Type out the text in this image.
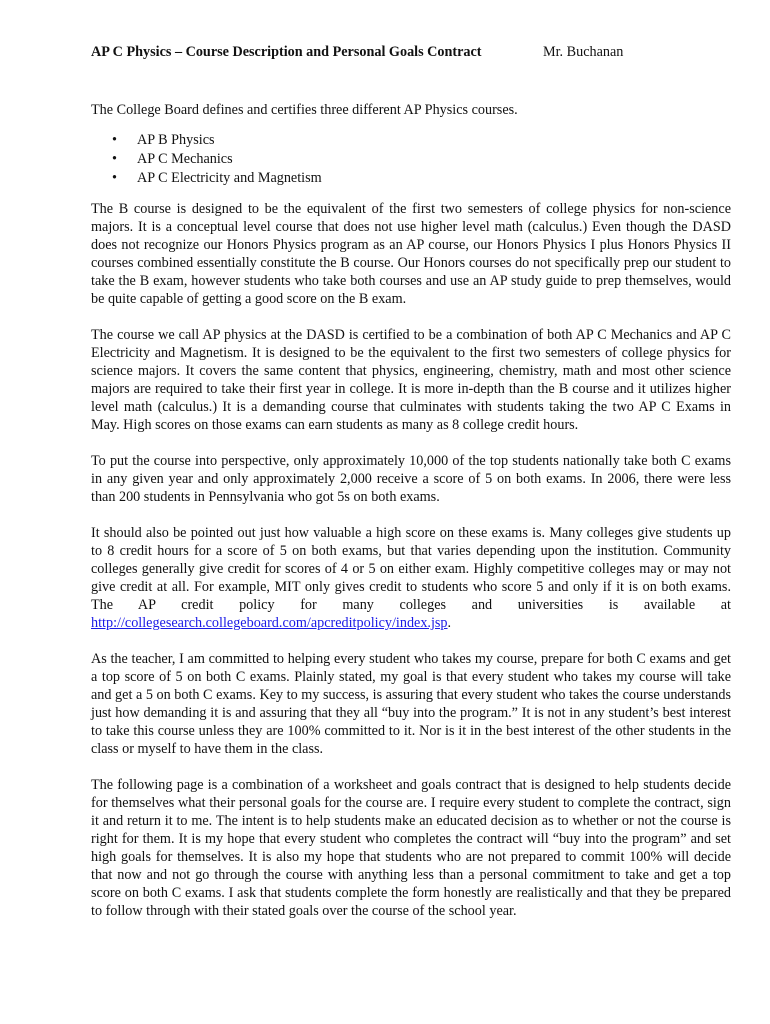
AP C Physics – Course Description and Personal Goals Contract	Mr. Buchanan
The College Board defines and certifies three different AP Physics courses.
• AP B Physics
• AP C Mechanics
• AP C Electricity and Magnetism

The B course is designed to be the equivalent of the first two semesters of college physics for non-science majors. It is a conceptual level course that does not use higher level math (calculus.) Even though the DASD does not recognize our Honors Physics program as an AP course, our Honors Physics I plus Honors Physics II courses combined essentially constitute the B course. Our Honors courses do not specifically prep our student to take the B exam, however students who take both courses and use an AP study guide to prep themselves, would be quite capable of getting a good score on the B exam.

The course we call AP physics at the DASD is certified to be a combination of both AP C Mechanics and AP C Electricity and Magnetism. It is designed to be the equivalent to the first two semesters of college physics for science majors. It covers the same content that physics, engineering, chemistry, math and most other science majors are required to take their first year in college. It is more in-depth than the B course and it utilizes higher level math (calculus.) It is a demanding course that culminates with students taking the two AP C Exams in May. High scores on those exams can earn students as many as 8 college credit hours.

To put the course into perspective, only approximately 10,000 of the top students nationally take both C exams in any given year and only approximately 2,000 receive a score of 5 on both exams. In 2006, there were less than 200 students in Pennsylvania who got 5s on both exams.

It should also be pointed out just how valuable a high score on these exams is. Many colleges give students up to 8 credit hours for a score of 5 on both exams, but that varies depending upon the institution. Community colleges generally give credit for scores of 4 or 5 on either exam. Highly competitive colleges may or may not give credit at all. For example, MIT only gives credit to students who score 5 and only if it is on both exams. The AP credit policy for many colleges and universities is available at http://collegesearch.collegeboard.com/apcreditpolicy/index.jsp.

As the teacher, I am committed to helping every student who takes my course, prepare for both C exams and get a top score of 5 on both C exams. Plainly stated, my goal is that every student who takes my course will take and get a 5 on both C exams. Key to my success, is assuring that every student who takes the course understands just how demanding it is and assuring that they all “buy into the program.” It is not in any student’s best interest to take this course unless they are 100% committed to it. Nor is it in the best interest of the other students in the class or myself to have them in the class.

The following page is a combination of a worksheet and goals contract that is designed to help students decide for themselves what their personal goals for the course are. I require every student to complete the contract, sign it and return it to me. The intent is to help students make an educated decision as to whether or not the course is right for them. It is my hope that every student who completes the contract will “buy into the program” and set high goals for themselves. It is also my hope that students who are not prepared to commit 100% will decide that now and not go through the course with anything less than a personal commitment to take and get a top score on both C exams. I ask that students complete the form honestly are realistically and that they be prepared to follow through with their stated goals over the course of the school year.
